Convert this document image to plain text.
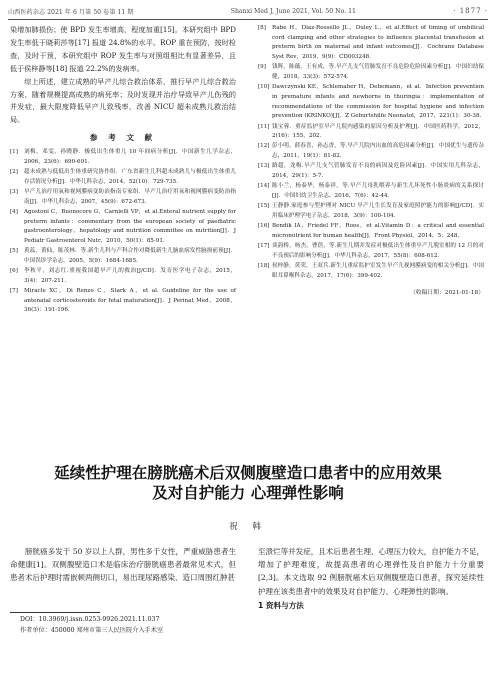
山西医药杂志 2021 年 6 月第 50 卷第 11 期	Shanxi Med J, June 2021, Vol. 50 No. 11	· 1877 ·

染增加肺损伤；使 BPD 发生率增高，程度加重[15]。本研究组中 BPD 发生率低于晓莉莎等[17] 报道 24.8%的水平。ROP 重在预防，按时检查，及时干预，本研究组中 ROP 发生率与对照组相比有显著差异，且低于侯梓静等[18] 报道 22.2%的发病率。

综上所述，建立成熟的早产儿综合救治体系，推行早产儿综合救治方案，随着规模提高成熟的病死率；及时发现并治疗导致早产儿伤残的并发症，最大限度降低早产儿致残率，改善 NICU 超未成熟儿救治结局。

参 考 文 献
[1]	刘梅，邓雯，孙晓静．极低出生体重儿 10 年间病分析[J]．中国新生儿学杂志，2006，23(6)：690-691.
[2]	超未成熟与低低出生体重研究协作组．广东省新生儿科超未成熟儿与极低出生体重儿存活情况分析[J]．中华儿科杂志，2014，52(10)：729-735.
[3]	早产儿治疗用氧和视网膜病变防治指南专家组．早产儿治疗用氧和视网膜病变防治指南[J]．中华儿科杂志，2007，45(9)：672-673.
[4]	Agostoni C，Buonocore G，Carnielli VP，et al.Enteral nutrient supply for preterm infants：commentary from the european society of paediatric gastroenterology，hepatology and nutrition committee on nutrition[J]．J Pediatr Gastroenterol Nutr，2010，50(1)：85-91.
[5]	黄蕊，黄仙，陈茂林．等.新生儿科与产科合作对降低新生儿脑血病发性脑损前预[J]．中国误诊学杂志，2005，5(9)：1684-1685.
[6]	李秋平，刘志红.重视我国超早产儿的救治[J/CD]．发育医学电子杂志，2015，3(4)：207-211.
[7]	Miracle XC，Di Renzo C，Stark A，et al. Guideline for the use of antenatal corticosteroids for fetal maturation[J]．J Perinat Med，2008，36(3)：191-196.
[8]	Rabe H，Diaz-Rossello JL，Duley L，et al.Effect of timing of umbilical cord clamping and other strategies to influence placental transfusion at preterm birth on maternal and infant outcomes[J]．Cochrane Database Syst Rev，2019，9(9)：CD003248.
[9]	钱晖，陈薇，王有成，等.早产儿支气管肺发育不良危险危险因素分析[J]．中国妇幼保健，2018，33(3)：572-574.
[10] Dawczynski KE，Schlemaher H，Debemann，et al．Infection prevention in premature infants and newborns in thuringia：implementation of recommendations of the commission for hospital hygiene and infection prevention (KRINKO)[J]．Z Geburtshilfe Neonatol，2017，221(1)：30-38.
[11] 钱宝蓉．重症监护室早产儿院内感染的原因分析及护理[J]．中国医药科学，2012，2(16)：155，202.
[12] 彭小明，薛春喜，孙志香，等.早产儿院内出血的高危因素分析[J]．中国优生与遗传杂志，2011，19(1)：81-82.
[13] 路超，龙梅.早产儿支气管肺发育不良的病因及危险因素[J]．中国实用儿科杂志，2014，29(1)：5-7.
[14] 陈小兰，杨泰华，杨泰祥，等.早产儿母乳喂养与新生儿坏死性小肠炎病的关系探讨[J]．中国妇幼卫生杂志，2016，7(6)：42-44.
[15] 王静静.家庭参与型护理对 NICU 早产儿生长发育及家庭照护能力的影响[J/CD]．实用临床护理学电子杂志，2018，3(9)：100-104.
[16] Bendik IA，Friedel FF，Roos，et al.Vitamin D：a critical and essential micronutrient for human health[J]．Front Physiol，2014，5：248.
[17] 谈韵桥，杨杰，曹蓓，等.新生儿期并发症对极低出生体重早产儿脱室相的 12 月的对不良预后的影响分析[J]．中华儿科杂志，2017，55(8)：608-612.
[18] 侯梓静，黄荣，王双兵.新生儿重症监护室发生早产儿视网膜病变的相关分析[J]．中国眼耳鼻喉科杂志，2017，17(6)：399-402.
（收稿日期：2021-01-18）
延续性护理在膀胱癌术后双侧腹壁造口患者中的应用效果
及对自护能力 心理弹性影响
祝 韩

膀胱癌多发于 50 岁以上人群，男性多于女性，严重威胁患者生命健康[1]。双侧腹壁造口术是临床治疗膀胱癌患者最常见术式，但患者术后护理时需嵌顿两侧切口，易出现尿路感染、造口周围红肿甚

至溃烂等并发症，且术后患者生理、心理压力较大，自护能力不足，增加了护理难度，故提高患者的心理弹性及自护能力十分重要[2,3]。本文选取 92 例膀胱癌术后双侧腹壁造口患者，探究延续性护理在该类患者中的效果及对自护能力、心理弹性的影响。

1 资料与方法
DOI：10.3969/j.issn.0253-9926.2021.11.037
作者单位：450000 郑州市第三人民医院介入手术室
